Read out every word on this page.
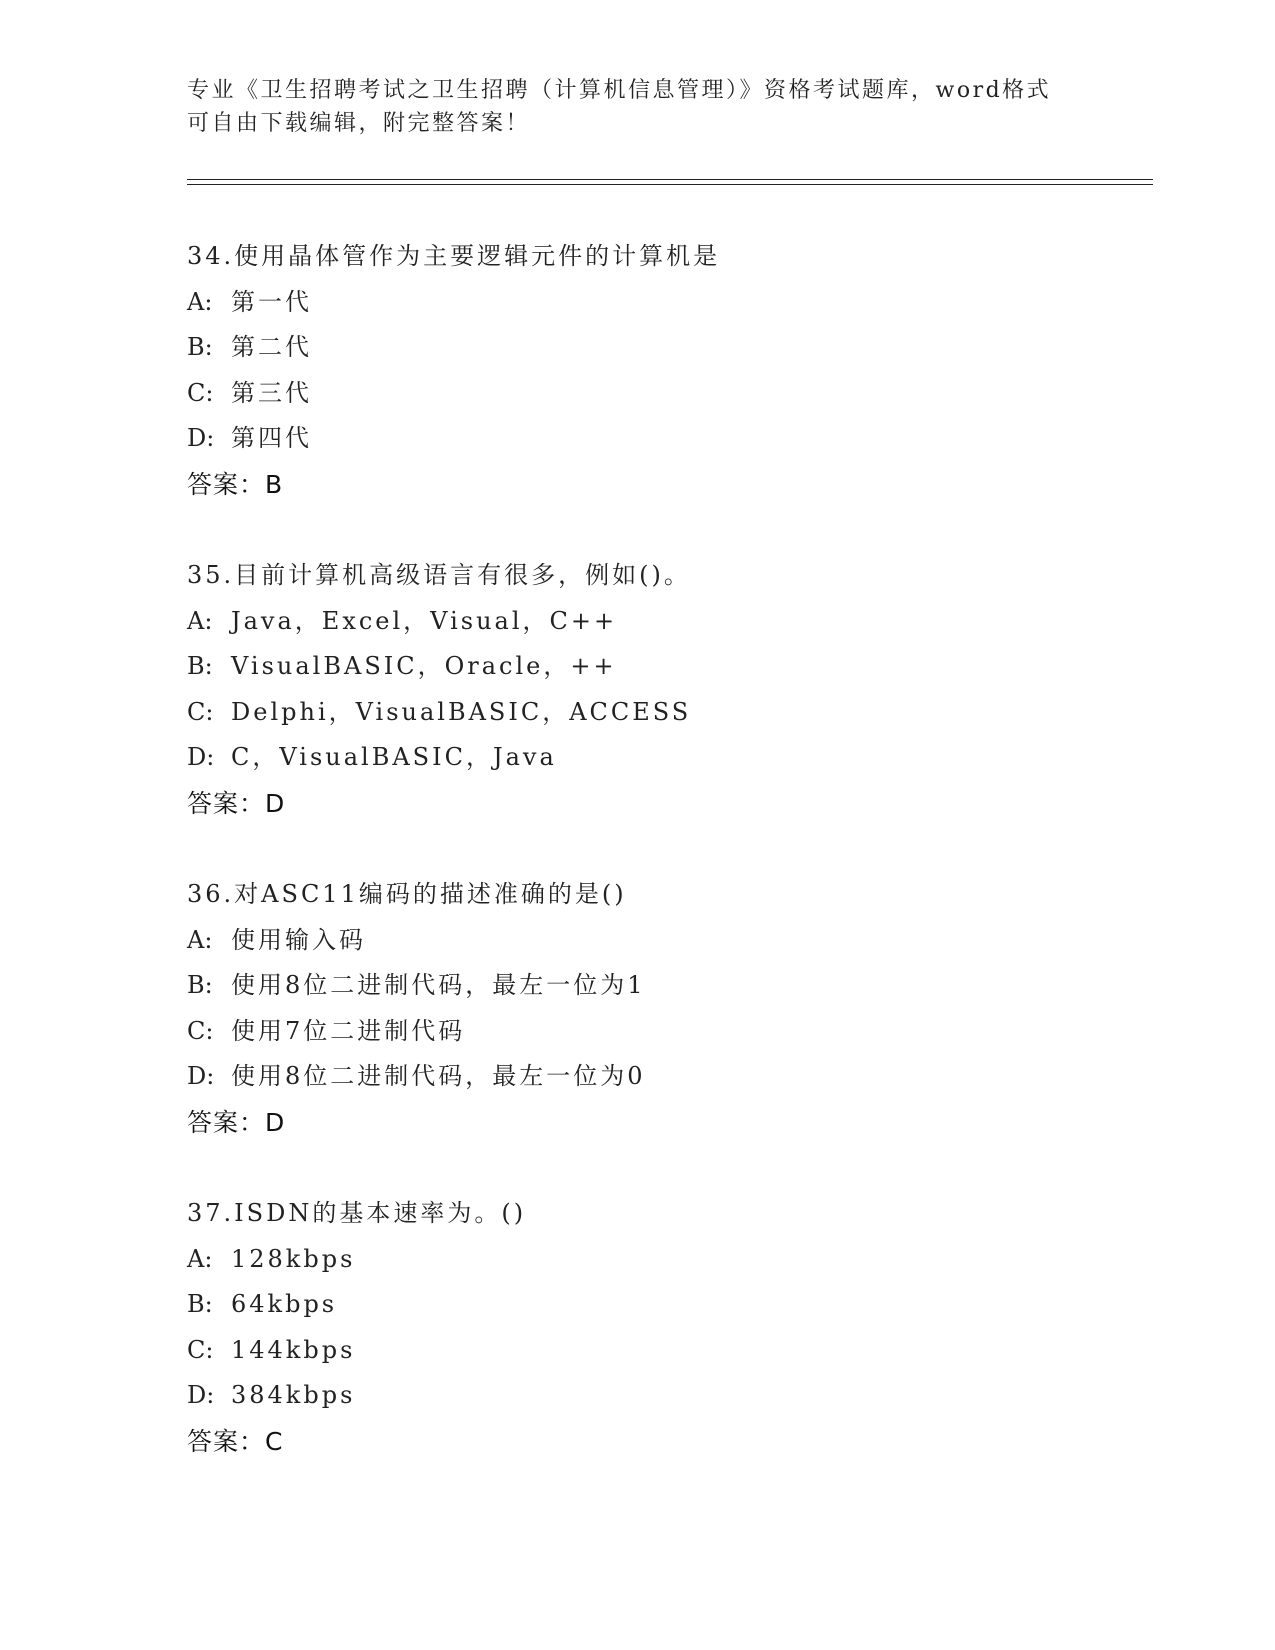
专业《卫生招聘考试之卫生招聘（计算机信息管理）》资格考试题库，word格式
可自由下载编辑，附完整答案！
34.使用晶体管作为主要逻辑元件的计算机是
A: 第一代
B: 第二代
C: 第三代
D: 第四代
答案：B
35.目前计算机高级语言有很多，例如()。
A: Java，Excel，Visual，C++
B: VisualBASIC，Oracle，++
C: Delphi，VisualBASIC，ACCESS
D: C，VisualBASIC，Java
答案：D
36.对ASC11编码的描述准确的是()
A: 使用输入码
B: 使用8位二进制代码，最左一位为1
C: 使用7位二进制代码
D: 使用8位二进制代码，最左一位为0
答案：D
37.ISDN的基本速率为。()
A: 128kbps
B: 64kbps
C: 144kbps
D: 384kbps
答案：C
